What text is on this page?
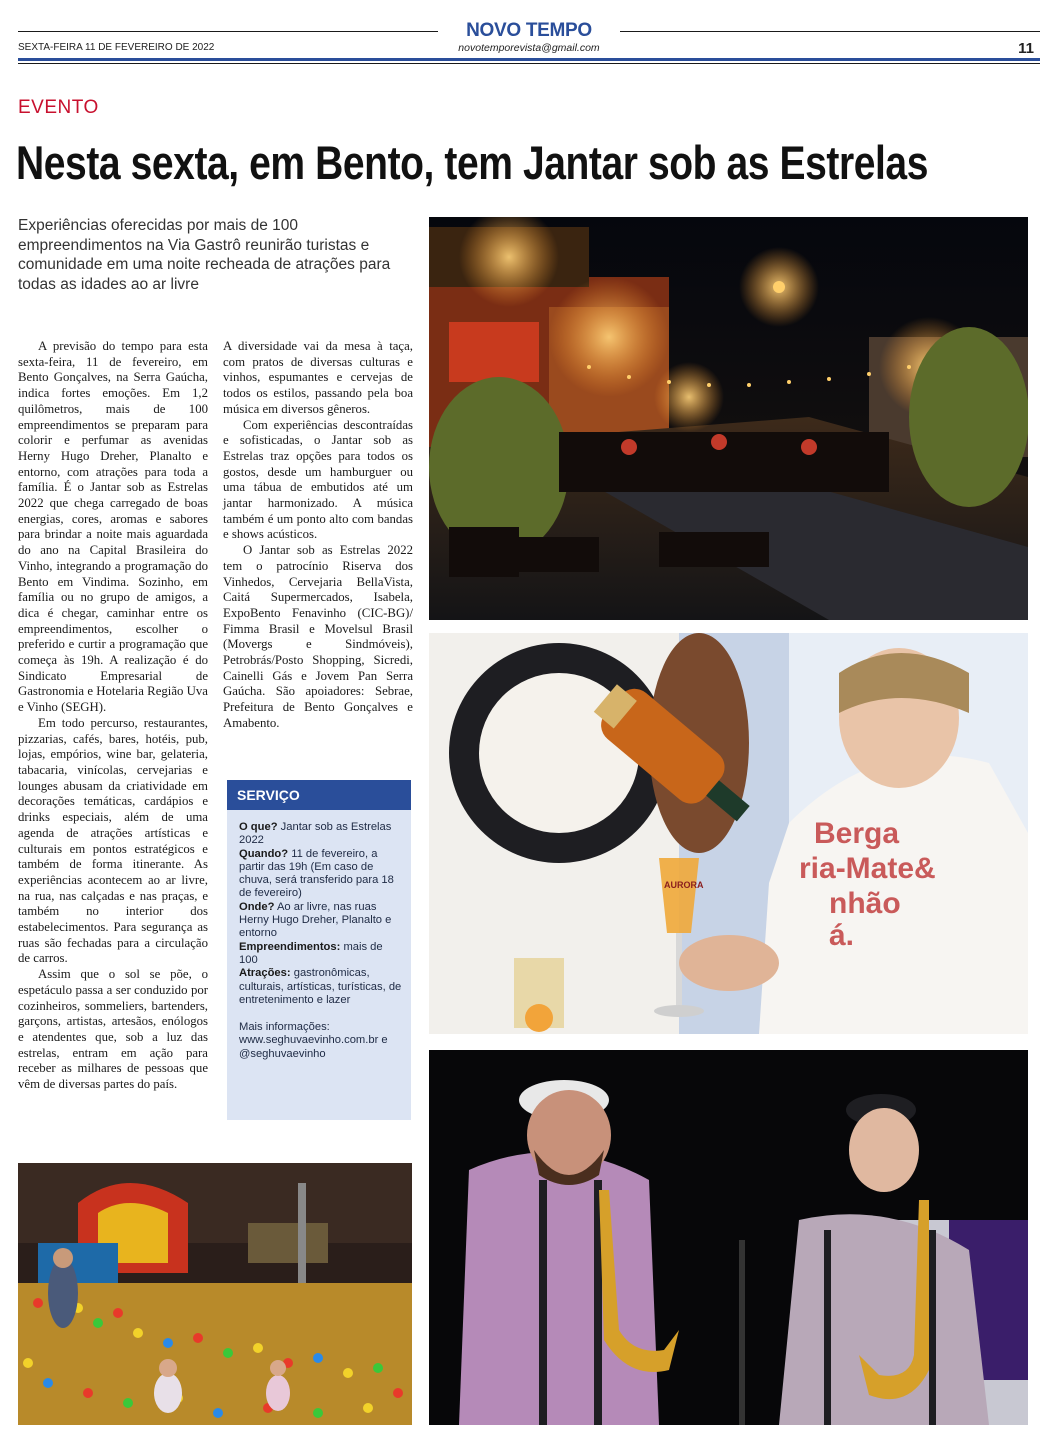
NOVO TEMPO
SEXTA-FEIRA 11 DE FEVEREIRO DE 2022	novotemporevista@gmail.com	11
EVENTO
Nesta sexta, em Bento, tem Jantar sob as Estrelas
Experiências oferecidas por mais de 100 empreendimentos na Via Gastrô reunirão turistas e comunidade em uma noite recheada de atrações para todas as idades ao ar livre

A previsão do tempo para esta sexta-feira, 11 de fevereiro, em Bento Gonçalves, na Serra Gaúcha, indica fortes emoções. Em 1,2 quilômetros, mais de 100 empreendimentos se preparam para colorir e perfumar as avenidas Herny Hugo Dreher, Planalto e entorno, com atrações para toda a família. É o Jantar sob as Estrelas 2022 que chega carregado de boas energias, cores, aromas e sabores para brindar a noite mais aguardada do ano na Capital Brasileira do Vinho, integrando a programação do Bento em Vindima. Sozinho, em família ou no grupo de amigos, a dica é chegar, caminhar entre os empreendimentos, escolher o preferido e curtir a programação que começa às 19h. A realização é do Sindicato Empresarial de Gastronomia e Hotelaria Região Uva e Vinho (SEGH).

Em todo percurso, restaurantes, pizzarias, cafés, bares, hotéis, pub, lojas, empórios, wine bar, gelateria, tabacaria, vinícolas, cervejarias e lounges abusam da criatividade em decorações temáticas, cardápios e drinks especiais, além de uma agenda de atrações artísticas e culturais em pontos estratégicos e também de forma itinerante. As experiências acontecem ao ar livre, na rua, nas calçadas e nas praças, e também no interior dos estabelecimentos. Para segurança as ruas são fechadas para a circulação de carros.

Assim que o sol se põe, o espetáculo passa a ser conduzido por cozinheiros, sommeliers, bartenders, garçons, artistas, artesãos, enólogos e atendentes que, sob a luz das estrelas, entram em ação para receber as milhares de pessoas que vêm de diversas partes do país.

A diversidade vai da mesa à taça, com pratos de diversas culturas e vinhos, espumantes e cervejas de todos os estilos, passando pela boa música em diversos gêneros.

Com experiências descontraídas e sofisticadas, o Jantar sob as Estrelas traz opções para todos os gostos, desde um hamburguer ou uma tábua de embutidos até um jantar harmonizado. A música também é um ponto alto com bandas e shows acústicos.

O Jantar sob as Estrelas 2022 tem o patrocínio Riserva dos Vinhedos, Cervejaria BellaVista, Caitá Supermercados, Isabela, ExpoBento Fenavinho (CIC-BG)/ Fimma Brasil e Movelsul Brasil (Movergs e Sindmóveis), Petrobrás/Posto Shopping, Sicredi, Cainelli Gás e Jovem Pan Serra Gaúcha. São apoiadores: Sebrae, Prefeitura de Bento Gonçalves e Amabento.

SERVIÇO
O que? Jantar sob as Estrelas 2022
Quando? 11 de fevereiro, a partir das 19h (Em caso de chuva, será transferido para 18 de fevereiro)
Onde? Ao ar livre, nas ruas Herny Hugo Dreher, Planalto e entorno
Empreendimentos: mais de 100
Atrações: gastronômicas, culturais, artísticas, turísticas, de entretenimento e lazer
Mais informações: www.seghuvaevinho.com.br e @seghuvaevinho
Berga
ria-Mate&
nhão
á.
AURORA
